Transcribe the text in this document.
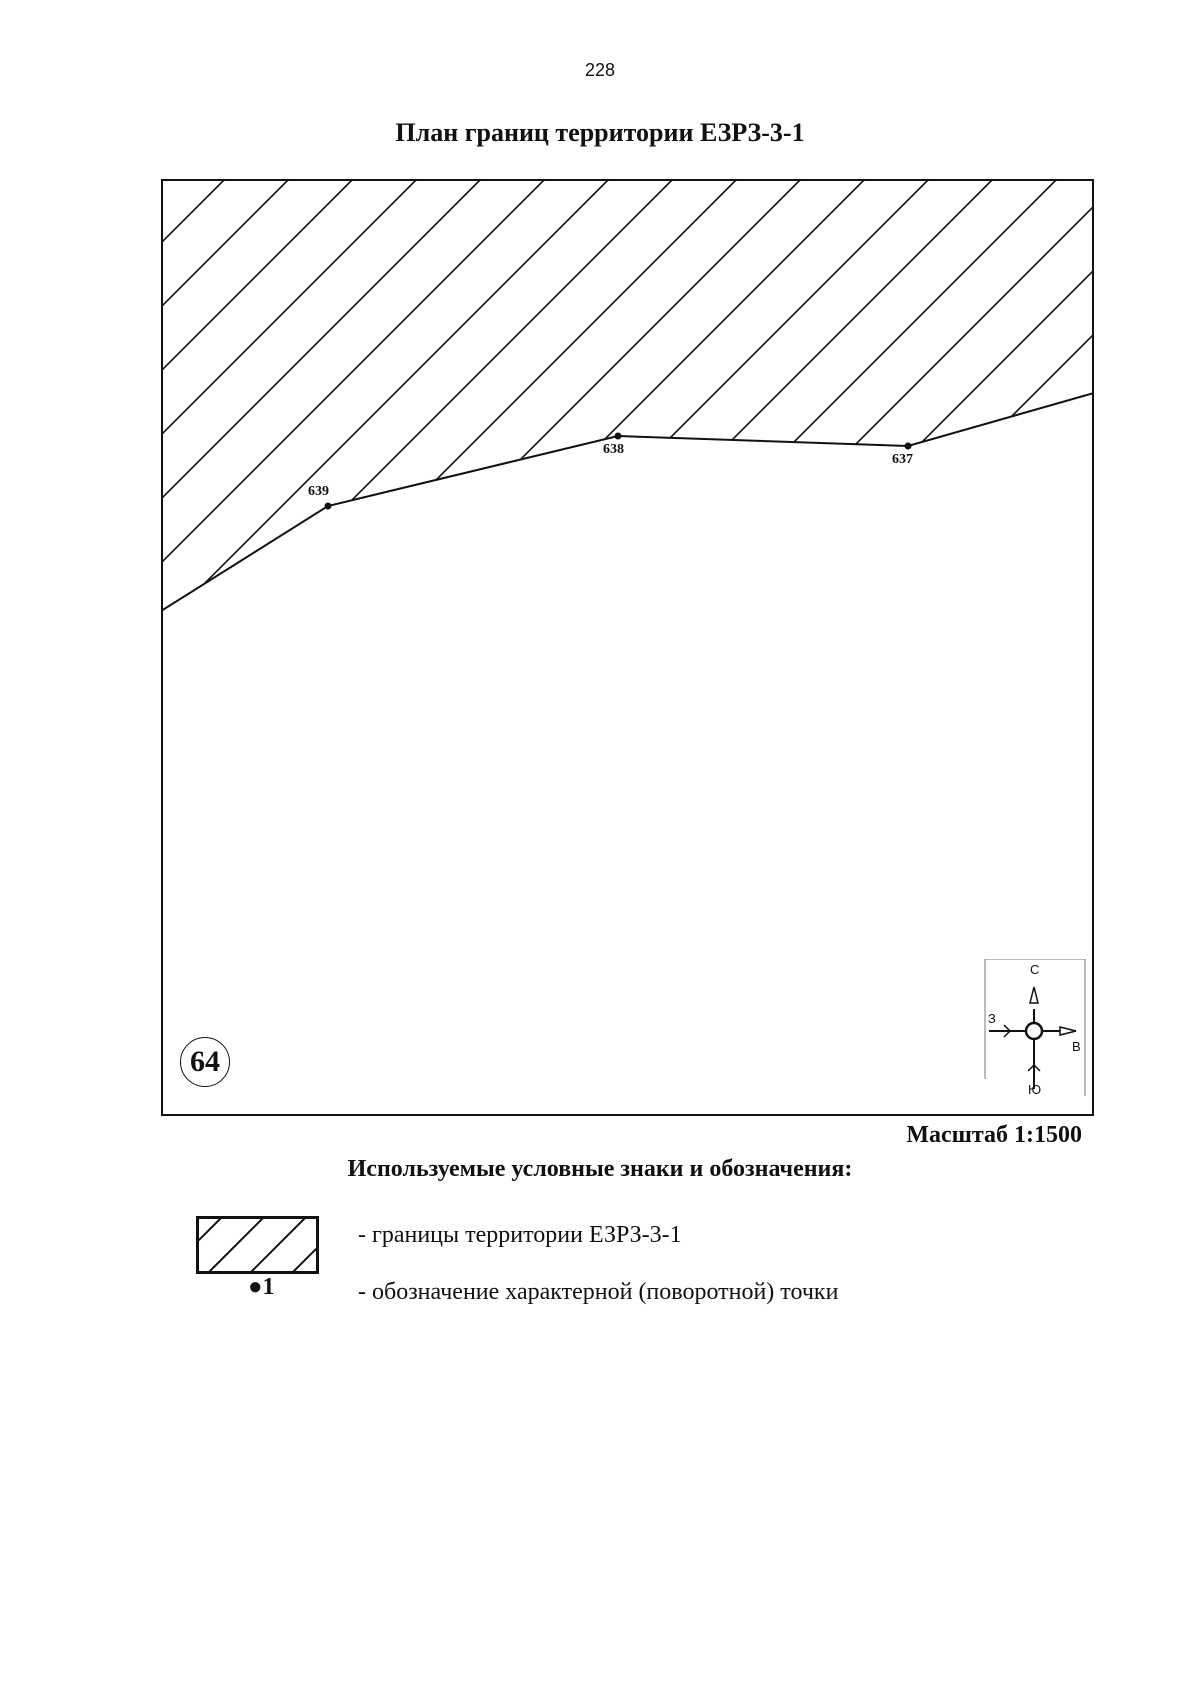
228
План границ территории ЕЗРЗ-3-1
639
638
637
64
С
З
В
Ю
Масштаб 1:1500
Используемые условные знаки и обозначения:
●1
- границы территории ЕЗРЗ-3-1
- обозначение характерной (поворотной) точки
